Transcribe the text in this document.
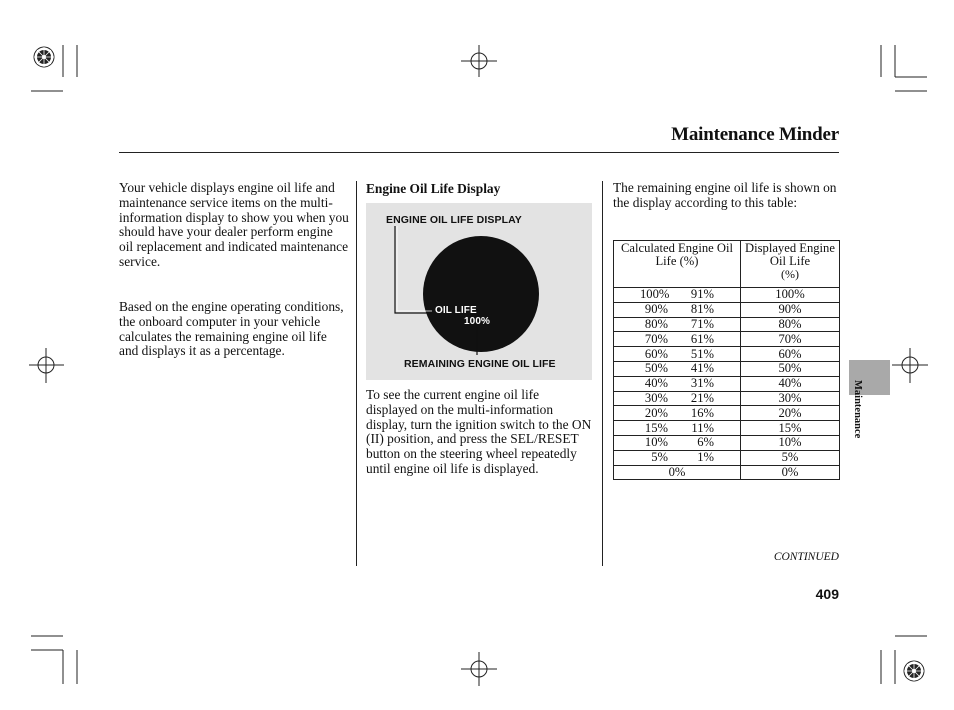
Maintenance Minder

Your vehicle displays engine oil life and maintenance service items on the multi-information display to show you when you should have your dealer perform engine oil replacement and indicated maintenance service.

Based on the engine operating conditions, the onboard computer in your vehicle calculates the remaining engine oil life and displays it as a percentage.

Engine Oil Life Display
ENGINE OIL LIFE DISPLAY
OIL LIFE
100%
REMAINING ENGINE OIL LIFE

To see the current engine oil life displayed on the multi-information display, turn the ignition switch to the ON (II) position, and press the SEL/RESET button on the steering wheel repeatedly until engine oil life is displayed.

The remaining engine oil life is shown on the display according to this table:

Calculated Engine Oil Life (%)	Displayed Engine Oil Life
(%)

100% 91%	100%

90% 81%	90%

80% 71%	80%

70% 61%	70%

60% 51%	60%

50% 41%	50%

40% 31%	40%

30% 21%	30%

20% 16%	20%

15% 11%	15%

10% 6%	10%

5% 1%	5%

0%	0%
Maintenance
CONTINUED
409
